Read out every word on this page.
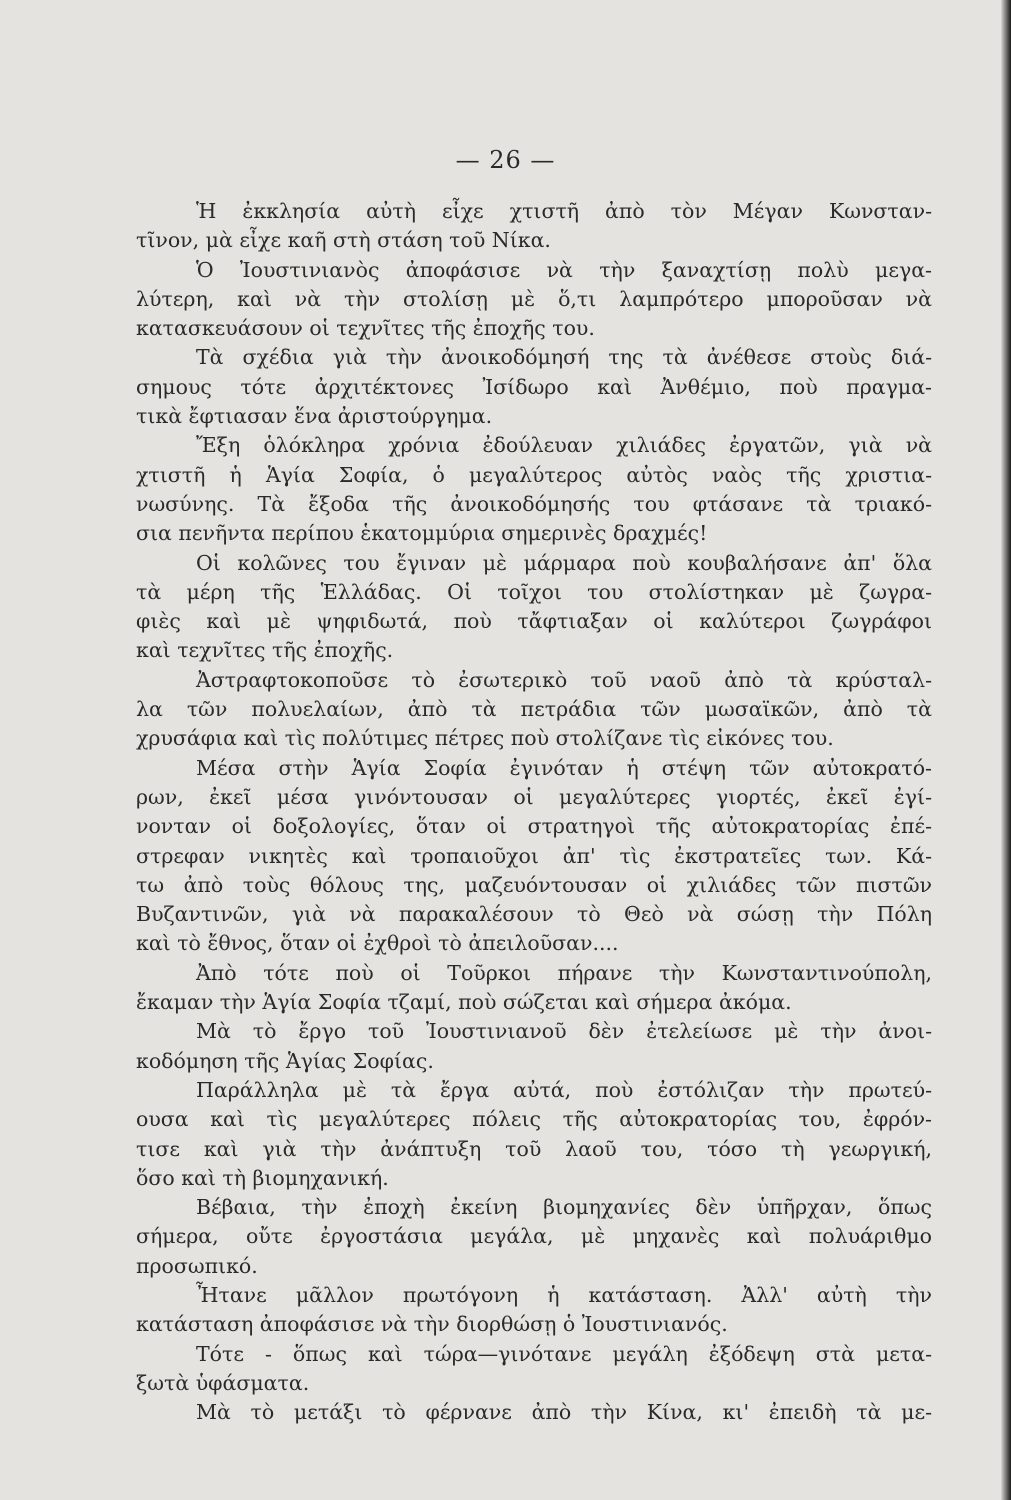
— 26 —
Ἡ ἐκκλησία αὐτὴ εἶχε χτιστῆ ἀπὸ τὸν Μέγαν Κωνσταν-
τῖνον, μὰ εἶχε καῆ στὴ στάση τοῦ Νίκα.
Ὁ Ἰουστινιανὸς ἀποφάσισε νὰ τὴν ξαναχτίσῃ πολὺ μεγα-
λύτερη, καὶ νὰ τὴν στολίσῃ μὲ ὅ,τι λαμπρότερο μποροῦσαν νὰ
κατασκευάσουν οἱ τεχνῖτες τῆς ἐποχῆς του.
Τὰ σχέδια γιὰ τὴν ἀνοικοδόμησή της τὰ ἀνέθεσε στοὺς διά-
σημους τότε ἀρχιτέκτονες Ἰσίδωρο καὶ Ἀνθέμιο, ποὺ πραγμα-
τικὰ ἔφτιασαν ἕνα ἀριστούργημα.
Ἔξη ὁλόκληρα χρόνια ἐδούλευαν χιλιάδες ἐργατῶν, γιὰ νὰ
χτιστῆ ἡ Ἁγία Σοφία, ὁ μεγαλύτερος αὐτὸς ναὸς τῆς χριστια-
νωσύνης. Τὰ ἔξοδα τῆς ἀνοικοδόμησής του φτάσανε τὰ τριακό-
σια πενῆντα περίπου ἑκατομμύρια σημερινὲς δραχμές!
Οἱ κολῶνες του ἔγιναν μὲ μάρμαρα ποὺ κουβαλήσανε ἀπ' ὅλα
τὰ μέρη τῆς Ἑλλάδας. Οἱ τοῖχοι του στολίστηκαν μὲ ζωγρα-
φιὲς καὶ μὲ ψηφιδωτά, ποὺ τἄφτιαξαν οἱ καλύτεροι ζωγράφοι
καὶ τεχνῖτες τῆς ἐποχῆς.
Ἀστραφτοκοποῦσε τὸ ἐσωτερικὸ τοῦ ναοῦ ἀπὸ τὰ κρύσταλ-
λα τῶν πολυελαίων, ἀπὸ τὰ πετράδια τῶν μωσαϊκῶν, ἀπὸ τὰ
χρυσάφια καὶ τὶς πολύτιμες πέτρες ποὺ στολίζανε τὶς εἰκόνες του.
Μέσα στὴν Ἁγία Σοφία ἐγινόταν ἡ στέψη τῶν αὐτοκρατό-
ρων, ἐκεῖ μέσα γινόντουσαν οἱ μεγαλύτερες γιορτές, ἐκεῖ ἐγί-
νονταν οἱ δοξολογίες, ὅταν οἱ στρατηγοὶ τῆς αὐτοκρατορίας ἐπέ-
στρεφαν νικητὲς καὶ τροπαιοῦχοι ἀπ' τὶς ἐκστρατεῖες των. Κά-
τω ἀπὸ τοὺς θόλους της, μαζευόντουσαν οἱ χιλιάδες τῶν πιστῶν
Βυζαντινῶν, γιὰ νὰ παρακαλέσουν τὸ Θεὸ νὰ σώσῃ τὴν Πόλη
καὶ τὸ ἔθνος, ὅταν οἱ ἐχθροὶ τὸ ἀπειλοῦσαν....
Ἀπὸ τότε ποὺ οἱ Τοῦρκοι πήρανε τὴν Κωνσταντινούπολη,
ἔκαμαν τὴν Ἁγία Σοφία τζαμί, ποὺ σώζεται καὶ σήμερα ἀκόμα.
Μὰ τὸ ἔργο τοῦ Ἰουστινιανοῦ δὲν ἐτελείωσε μὲ τὴν ἀνοι-
κοδόμηση τῆς Ἁγίας Σοφίας.
Παράλληλα μὲ τὰ ἔργα αὐτά, ποὺ ἐστόλιζαν τὴν πρωτεύ-
ουσα καὶ τὶς μεγαλύτερες πόλεις τῆς αὐτοκρατορίας του, ἐφρόν-
τισε καὶ γιὰ τὴν ἀνάπτυξη τοῦ λαοῦ του, τόσο τὴ γεωργική,
ὅσο καὶ τὴ βιομηχανική.
Βέβαια, τὴν ἐποχὴ ἐκείνη βιομηχανίες δὲν ὑπῆρχαν, ὅπως
σήμερα, οὔτε ἐργοστάσια μεγάλα, μὲ μηχανὲς καὶ πολυάριθμο
προσωπικό.
Ἦτανε μᾶλλον πρωτόγονη ἡ κατάσταση. Ἀλλ' αὐτὴ τὴν
κατάσταση ἀποφάσισε νὰ τὴν διορθώσῃ ὁ Ἰουστινιανός.
Τότε - ὅπως καὶ τώρα—γινότανε μεγάλη ἐξόδεψη στὰ μετα-
ξωτὰ ὑφάσματα.
Μὰ τὸ μετάξι τὸ φέρνανε ἀπὸ τὴν Κίνα, κι' ἐπειδὴ τὰ με-
